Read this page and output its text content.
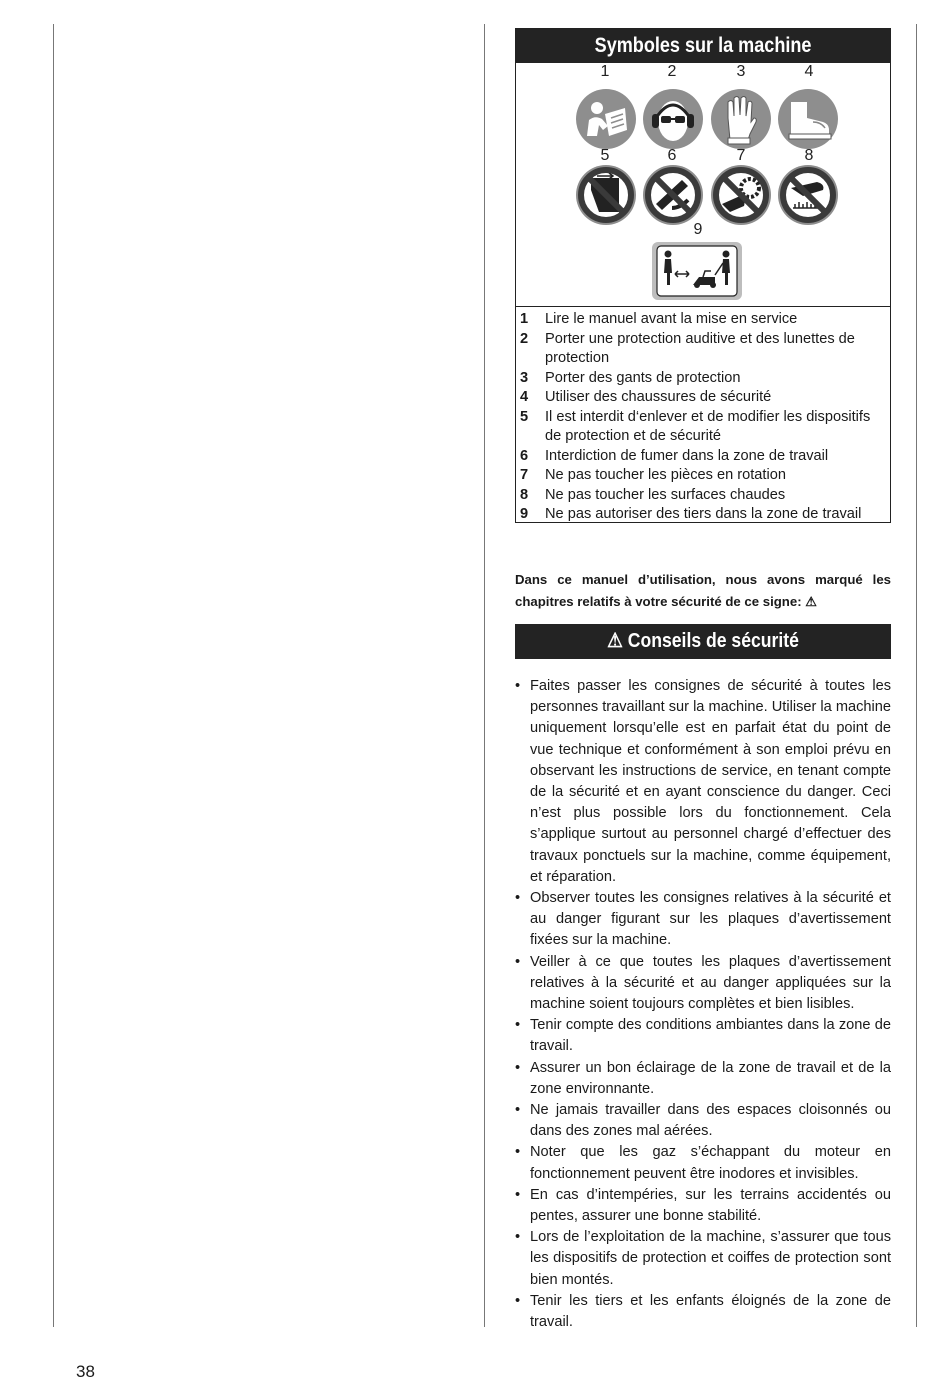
Symboles sur la machine
1	2	3	4
5	6	7	8
9
1	Lire le manuel avant la mise en service
2	Porter une protection auditive et des lunettes de protection
3	Porter des gants de protection
4	Utiliser des chaussures de sécurité
5	Il est interdit d‘enlever et de modifier les dispositifs de protection et de sécurité
6	Interdiction de fumer dans la zone de travail
7	Ne pas toucher les pièces en rotation
8	Ne pas toucher les surfaces chaudes
9	Ne pas autoriser des tiers dans la zone de travail
Dans ce manuel d’utilisation, nous avons marqué les chapitres relatifs à votre sécurité de ce signe: ⚠
⚠ Conseils de sécurité
• Faites passer les consignes de sécurité à toutes les personnes travaillant sur la machine. Utiliser la machine uniquement lorsqu’elle est en parfait état du point de vue technique et conformément à son emploi prévu en observant les instructions de service, en tenant compte de la sécurité et en ayant conscience du danger. Ceci n’est plus possible lors du fonctionnement. Cela s’applique surtout au personnel chargé d’effectuer des travaux ponctuels sur la machine, comme équipement, et réparation.
• Observer toutes les consignes relatives à la sécurité et au danger figurant sur les plaques d’avertissement fixées sur la machine.
• Veiller à ce que toutes les plaques d’avertissement relatives à la sécurité et au danger appliquées sur la machine soient toujours complètes et bien lisibles.
• Tenir compte des conditions ambiantes dans la zone de travail.
• Assurer un bon éclairage de la zone de travail et de la zone environnante.
• Ne jamais travailler dans des espaces cloisonnés ou dans des zones mal aérées.
• Noter que les gaz s’échappant du moteur en fonctionnement peuvent être inodores et invisibles.
• En cas d’intempéries, sur les terrains accidentés ou pentes, assurer une bonne stabilité.
• Lors de l’exploitation de la machine, s’assurer que tous les dispositifs de protection et coiffes de protection sont bien montés.
• Tenir les tiers et les enfants éloignés de la zone de travail.
38
